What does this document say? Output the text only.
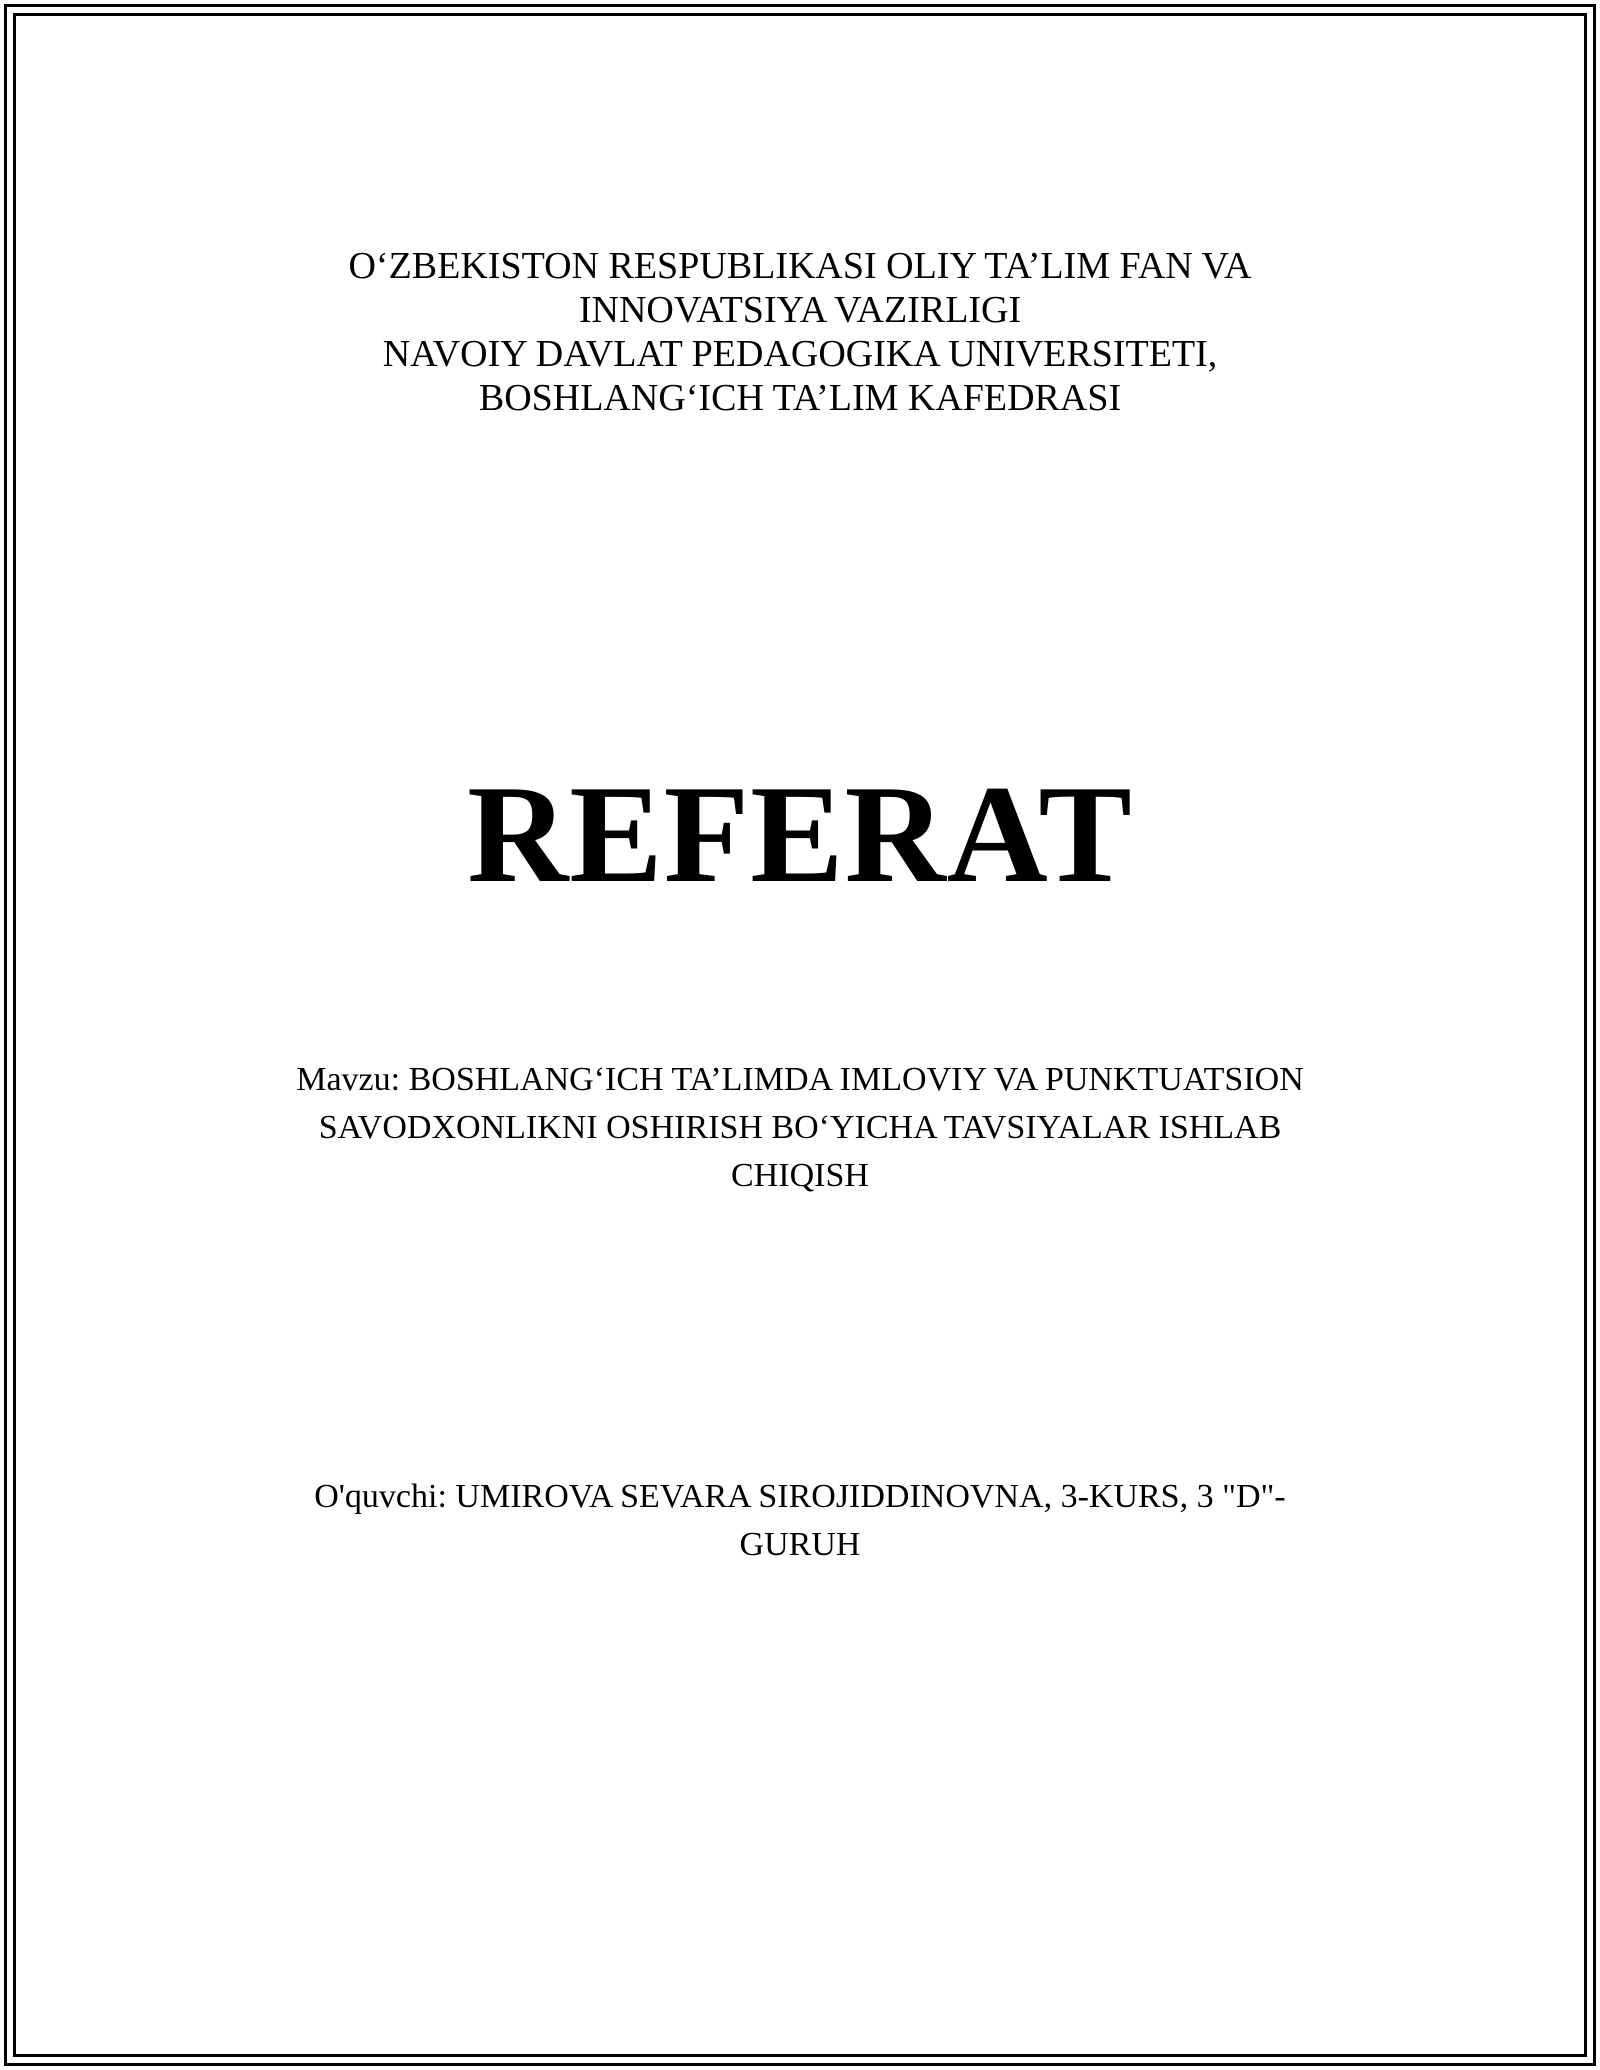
O‘ZBEKISTON RESPUBLIKASI OLIY TA’LIM FAN VA
INNOVATSIYA VAZIRLIGI
NAVOIY DAVLAT PEDAGOGIKA UNIVERSITETI,
BOSHLANG‘ICH TA’LIM KAFEDRASI
REFERAT
Mavzu: BOSHLANG‘ICH TA’LIMDA IMLOVIY VA PUNKTUATSION
SAVODXONLIKNI OSHIRISH BO‘YICHA TAVSIYALAR ISHLAB
CHIQISH
O'quvchi: UMIROVA SEVARA SIROJIDDINOVNA, 3-KURS, 3 "D"-
GURUH
